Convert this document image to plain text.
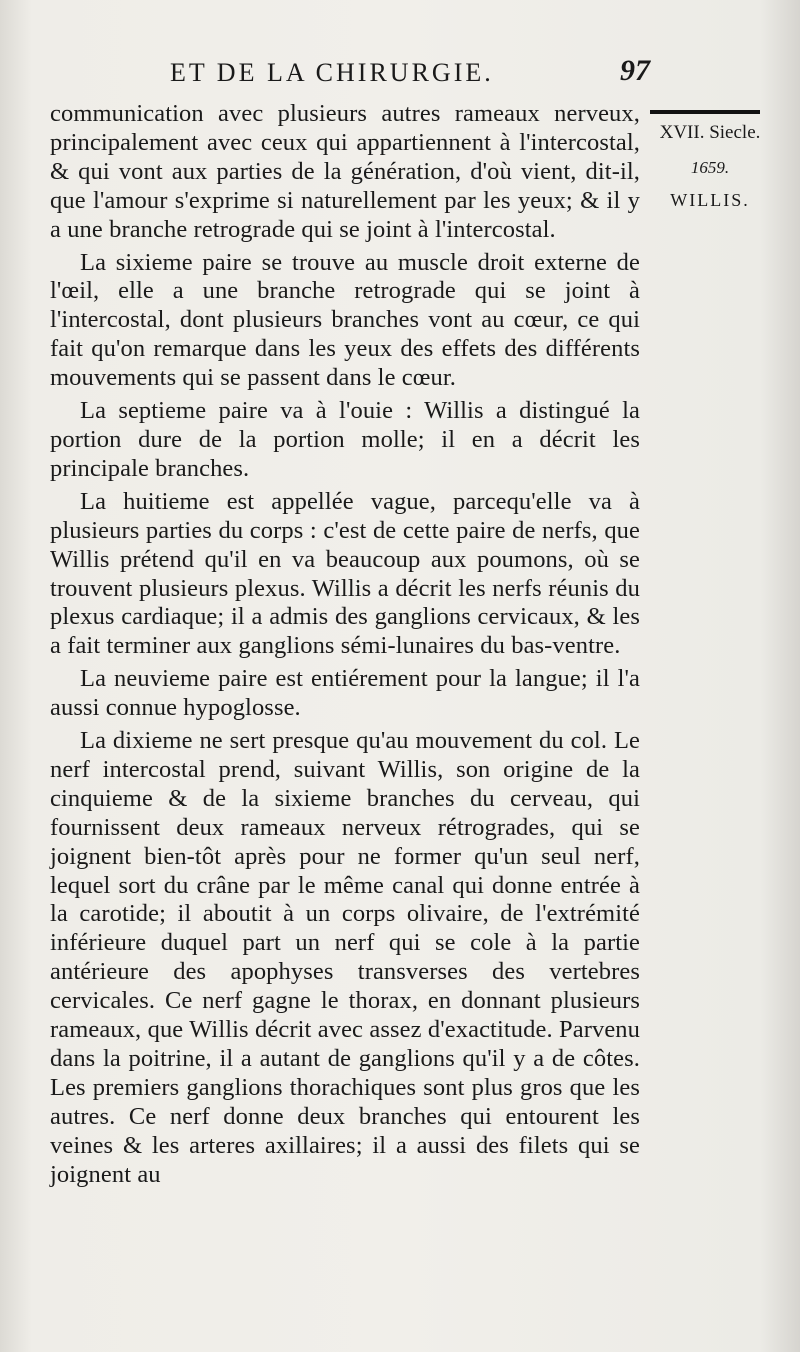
ET DE LA CHIRURGIE.	97
XVII. Siecle.
1659.
WILLIS.

communication avec plusieurs autres rameaux nerveux, principalement avec ceux qui appartiennent à l'intercostal, & qui vont aux parties de la génération, d'où vient, dit-il, que l'amour s'exprime si naturellement par les yeux; & il y a une branche retrograde qui se joint à l'intercostal.

La sixieme paire se trouve au muscle droit externe de l'œil, elle a une branche retrograde qui se joint à l'intercostal, dont plusieurs branches vont au cœur, ce qui fait qu'on remarque dans les yeux des effets des différents mouvements qui se passent dans le cœur.

La septieme paire va à l'ouie : Willis a distingué la portion dure de la portion molle; il en a décrit les principale branches.

La huitieme est appellée vague, parcequ'elle va à plusieurs parties du corps : c'est de cette paire de nerfs, que Willis prétend qu'il en va beaucoup aux poumons, où se trouvent plusieurs plexus. Willis a décrit les nerfs réunis du plexus cardiaque; il a admis des ganglions cervicaux, & les a fait terminer aux ganglions sémi-lunaires du bas-ventre.

La neuvieme paire est entiérement pour la langue; il l'a aussi connue hypoglosse.

La dixieme ne sert presque qu'au mouvement du col. Le nerf intercostal prend, suivant Willis, son origine de la cinquieme & de la sixieme branches du cerveau, qui fournissent deux rameaux nerveux rétrogrades, qui se joignent bien-tôt après pour ne former qu'un seul nerf, lequel sort du crâne par le même canal qui donne entrée à la carotide; il aboutit à un corps olivaire, de l'extrémité inférieure duquel part un nerf qui se cole à la partie antérieure des apophyses transverses des vertebres cervicales. Ce nerf gagne le thorax, en donnant plusieurs rameaux, que Willis décrit avec assez d'exactitude. Parvenu dans la poitrine, il a autant de ganglions qu'il y a de côtes. Les premiers ganglions thorachiques sont plus gros que les autres. Ce nerf donne deux branches qui entourent les veines & les arteres axillaires; il a aussi des filets qui se joignent au
